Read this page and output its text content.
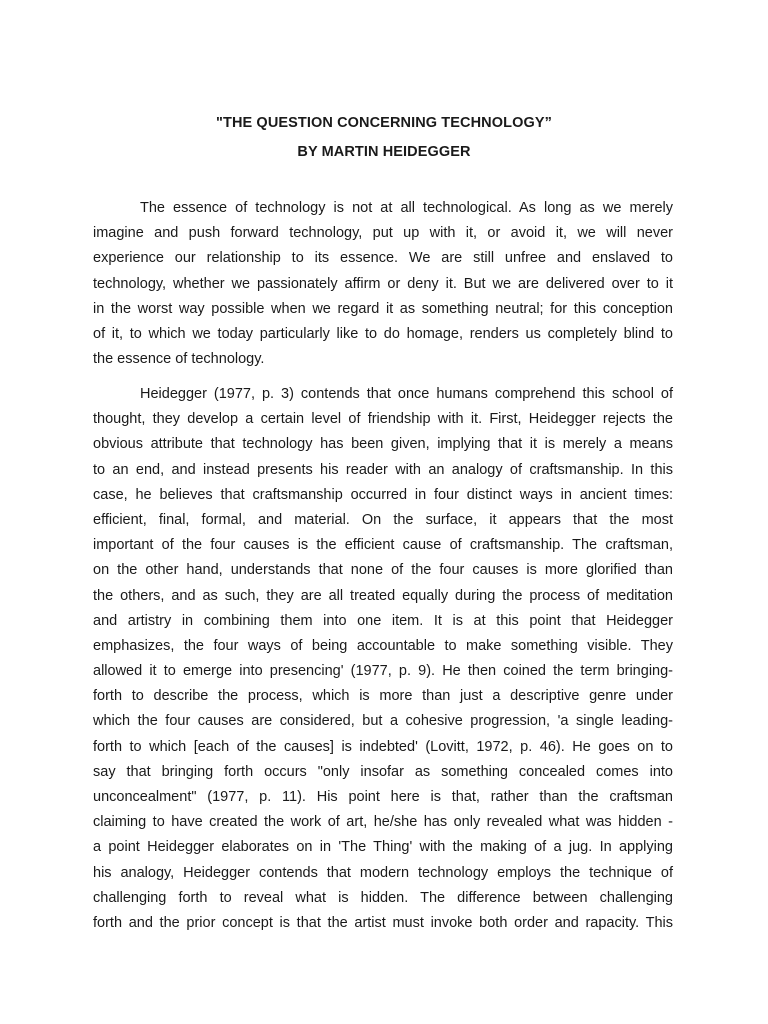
"THE QUESTION CONCERNING TECHNOLOGY”
BY MARTIN HEIDEGGER
The essence of technology is not at all technological. As long as we merely
imagine and push forward technology, put up with it, or avoid it, we will never
experience our relationship to its essence. We are still unfree and enslaved to
technology, whether we passionately affirm or deny it. But we are delivered over to it
in the worst way possible when we regard it as something neutral; for this conception
of it, to which we today particularly like to do homage, renders us completely blind to
the essence of technology.
Heidegger (1977, p. 3) contends that once humans comprehend this school of
thought, they develop a certain level of friendship with it. First, Heidegger rejects the
obvious attribute that technology has been given, implying that it is merely a means
to an end, and instead presents his reader with an analogy of craftsmanship. In this
case, he believes that craftsmanship occurred in four distinct ways in ancient times:
efficient, final, formal, and material. On the surface, it appears that the most
important of the four causes is the efficient cause of craftsmanship. The craftsman,
on the other hand, understands that none of the four causes is more glorified than
the others, and as such, they are all treated equally during the process of meditation
and artistry in combining them into one item. It is at this point that Heidegger
emphasizes, the four ways of being accountable to make something visible. They
allowed it to emerge into presencing' (1977, p. 9). He then coined the term bringing-
forth to describe the process, which is more than just a descriptive genre under
which the four causes are considered, but a cohesive progression, 'a single leading-
forth to which [each of the causes] is indebted' (Lovitt, 1972, p. 46). He goes on to
say that bringing forth occurs "only insofar as something concealed comes into
unconcealment" (1977, p. 11). His point here is that, rather than the craftsman
claiming to have created the work of art, he/she has only revealed what was hidden -
a point Heidegger elaborates on in 'The Thing' with the making of a jug. In applying
his analogy, Heidegger contends that modern technology employs the technique of
challenging forth to reveal what is hidden. The difference between challenging
forth and the prior concept is that the artist must invoke both order and rapacity. This
